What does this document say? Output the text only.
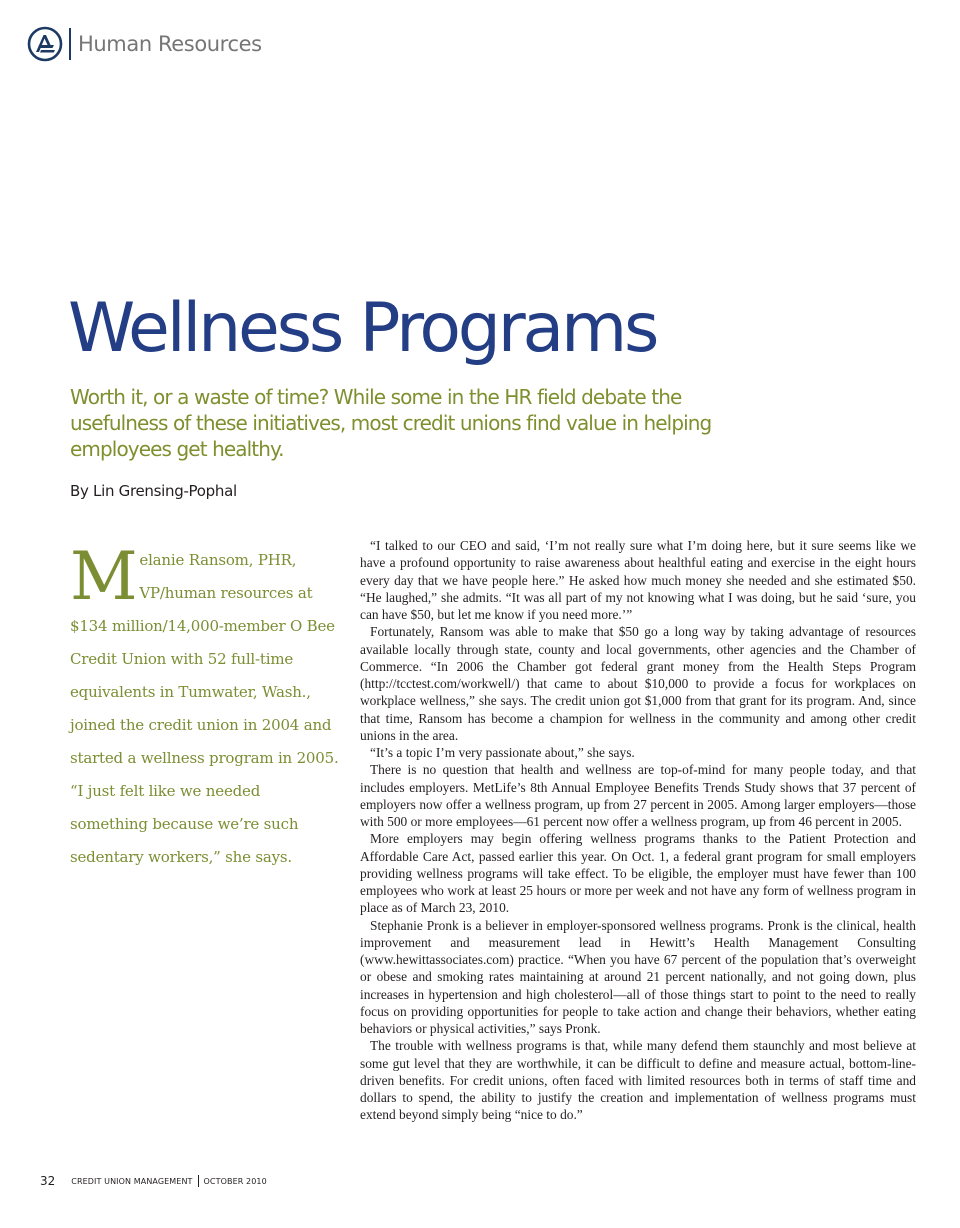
Human Resources
Wellness Programs

Worth it, or a waste of time? While some in the HR field debate the usefulness of these initiatives, most credit unions find value in helping employees get healthy.

By Lin Grensing-Pophal

Melanie Ransom, PHR, VP/human resources at $134 million/14,000-member O Bee Credit Union with 52 full-time equivalents in Tumwater, Wash., joined the credit union in 2004 and started a wellness program in 2005. “I just felt like we needed something because we’re such sedentary workers,” she says.

“I talked to our CEO and said, ‘I’m not really sure what I’m doing here, but it sure seems like we have a profound opportunity to raise awareness about healthful eating and exercise in the eight hours every day that we have people here.” He asked how much money she needed and she estimated $50. “He laughed,” she admits. “It was all part of my not knowing what I was doing, but he said ‘sure, you can have $50, but let me know if you need more.’”

Fortunately, Ransom was able to make that $50 go a long way by taking advantage of resources available locally through state, county and local governments, other agencies and the Chamber of Commerce. “In 2006 the Chamber got federal grant money from the Health Steps Program (http://tcctest.com/workwell/) that came to about $10,000 to provide a focus for workplaces on workplace wellness,” she says. The credit union got $1,000 from that grant for its program. And, since that time, Ransom has become a champion for wellness in the community and among other credit unions in the area.

“It’s a topic I’m very passionate about,” she says.

There is no question that health and wellness are top-of-mind for many people today, and that includes employers. MetLife’s 8th Annual Employee Benefits Trends Study shows that 37 percent of employers now offer a wellness program, up from 27 percent in 2005. Among larger employers—those with 500 or more employees—61 percent now offer a wellness program, up from 46 percent in 2005.

More employers may begin offering wellness programs thanks to the Patient Protection and Affordable Care Act, passed earlier this year. On Oct. 1, a federal grant program for small employers providing wellness programs will take effect. To be eligible, the employer must have fewer than 100 employees who work at least 25 hours or more per week and not have any form of wellness program in place as of March 23, 2010.

Stephanie Pronk is a believer in employer-sponsored wellness programs. Pronk is the clinical, health improvement and measurement lead in Hewitt’s Health Management Consulting (www.hewittassociates.com) practice. “When you have 67 percent of the population that’s overweight or obese and smoking rates maintaining at around 21 percent nationally, and not going down, plus increases in hypertension and high cholesterol—all of those things start to point to the need to really focus on providing opportunities for people to take action and change their behaviors, whether eating behaviors or physical activities,” says Pronk.

The trouble with wellness programs is that, while many defend them staunchly and most believe at some gut level that they are worthwhile, it can be difficult to define and measure actual, bottom-line-driven benefits. For credit unions, often faced with limited resources both in terms of staff time and dollars to spend, the ability to justify the creation and implementation of wellness programs must extend beyond simply being “nice to do.”

32 CREDIT UNION MANAGEMENT OCTOBER 2010
